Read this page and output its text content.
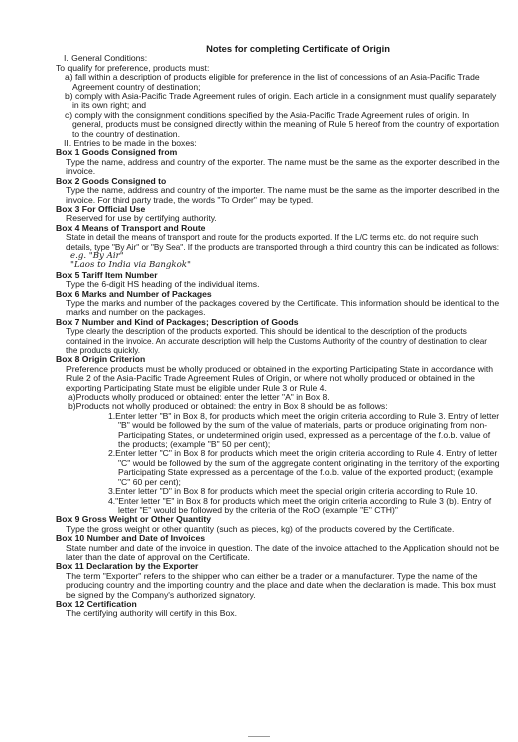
Notes for completing Certificate of Origin

I. General Conditions:

To qualify for preference, products must:

a) fall within a description of products eligible for preference in the list of concessions of an Asia-Pacific Trade Agreement country of destination;

b) comply with Asia-Pacific Trade Agreement rules of origin. Each article in a consignment must qualify separately in its own right; and

c) comply with the consignment conditions specified by the Asia-Pacific Trade Agreement rules of origin. In general, products must be consigned directly within the meaning of Rule 5 hereof from the country of exportation to the country of destination.

II. Entries to be made in the boxes:

Box 1 Goods Consigned from

Type the name, address and country of the exporter. The name must be the same as the exporter described in the invoice.

Box 2 Goods Consigned to

Type the name, address and country of the importer. The name must be the same as the importer described in the invoice. For third party trade, the words "To Order" may be typed.

Box 3 For Official Use

Reserved for use by certifying authority.

Box 4 Means of Transport and Route

State in detail the means of transport and route for the products exported. If the L/C terms etc. do not require such details, type "By Air" or "By Sea". If the products are transported through a third country this can be indicated as follows:

e.g. "By Air"

"Laos to India via Bangkok"

Box 5 Tariff Item Number

Type the 6-digit HS heading of the individual items.

Box 6 Marks and Number of Packages

Type the marks and number of the packages covered by the Certificate. This information should be identical to the marks and number on the packages.

Box 7 Number and Kind of Packages; Description of Goods

Type clearly the description of the products exported. This should be identical to the description of the products contained in the invoice. An accurate description will help the Customs Authority of the country of destination to clear the products quickly.

Box 8 Origin Criterion

Preference products must be wholly produced or obtained in the exporting Participating State in accordance with Rule 2 of the Asia-Pacific Trade Agreement Rules of Origin, or where not wholly produced or obtained in the exporting Participating State must be eligible under Rule 3 or Rule 4.

a)Products wholly produced or obtained: enter the letter "A" in Box 8.

b)Products not wholly produced or obtained: the entry in Box 8 should be as follows:

1.Enter letter "B" in Box 8, for products which meet the origin criteria according to Rule 3. Entry of letter "B" would be followed by the sum of the value of materials, parts or produce originating from non-Participating States, or undetermined origin used, expressed as a percentage of the f.o.b. value of the products; (example "B" 50 per cent);

2.Enter letter "C" in Box 8 for products which meet the origin criteria according to Rule 4. Entry of letter "C" would be followed by the sum of the aggregate content originating in the territory of the exporting Participating State expressed as a percentage of the f.o.b. value of the exported product; (example "C" 60 per cent);

3.Enter letter "D" in Box 8 for products which meet the special origin criteria according to Rule 10.

4."Enter letter "E" in Box 8 for products which meet the origin criteria according to Rule 3 (b). Entry of letter "E" would be followed by the criteria of the RoO (example "E" CTH)"

Box 9 Gross Weight or Other Quantity

Type the gross weight or other quantity (such as pieces, kg) of the products covered by the Certificate.

Box 10 Number and Date of Invoices

State number and date of the invoice in question. The date of the invoice attached to the Application should not be later than the date of approval on the Certificate.

Box 11 Declaration by the Exporter

The term "Exporter" refers to the shipper who can either be a trader or a manufacturer. Type the name of the producing country and the importing country and the place and date when the declaration is made. This box must be signed by the Company's authorized signatory.

Box 12 Certification

The certifying authority will certify in this Box.
